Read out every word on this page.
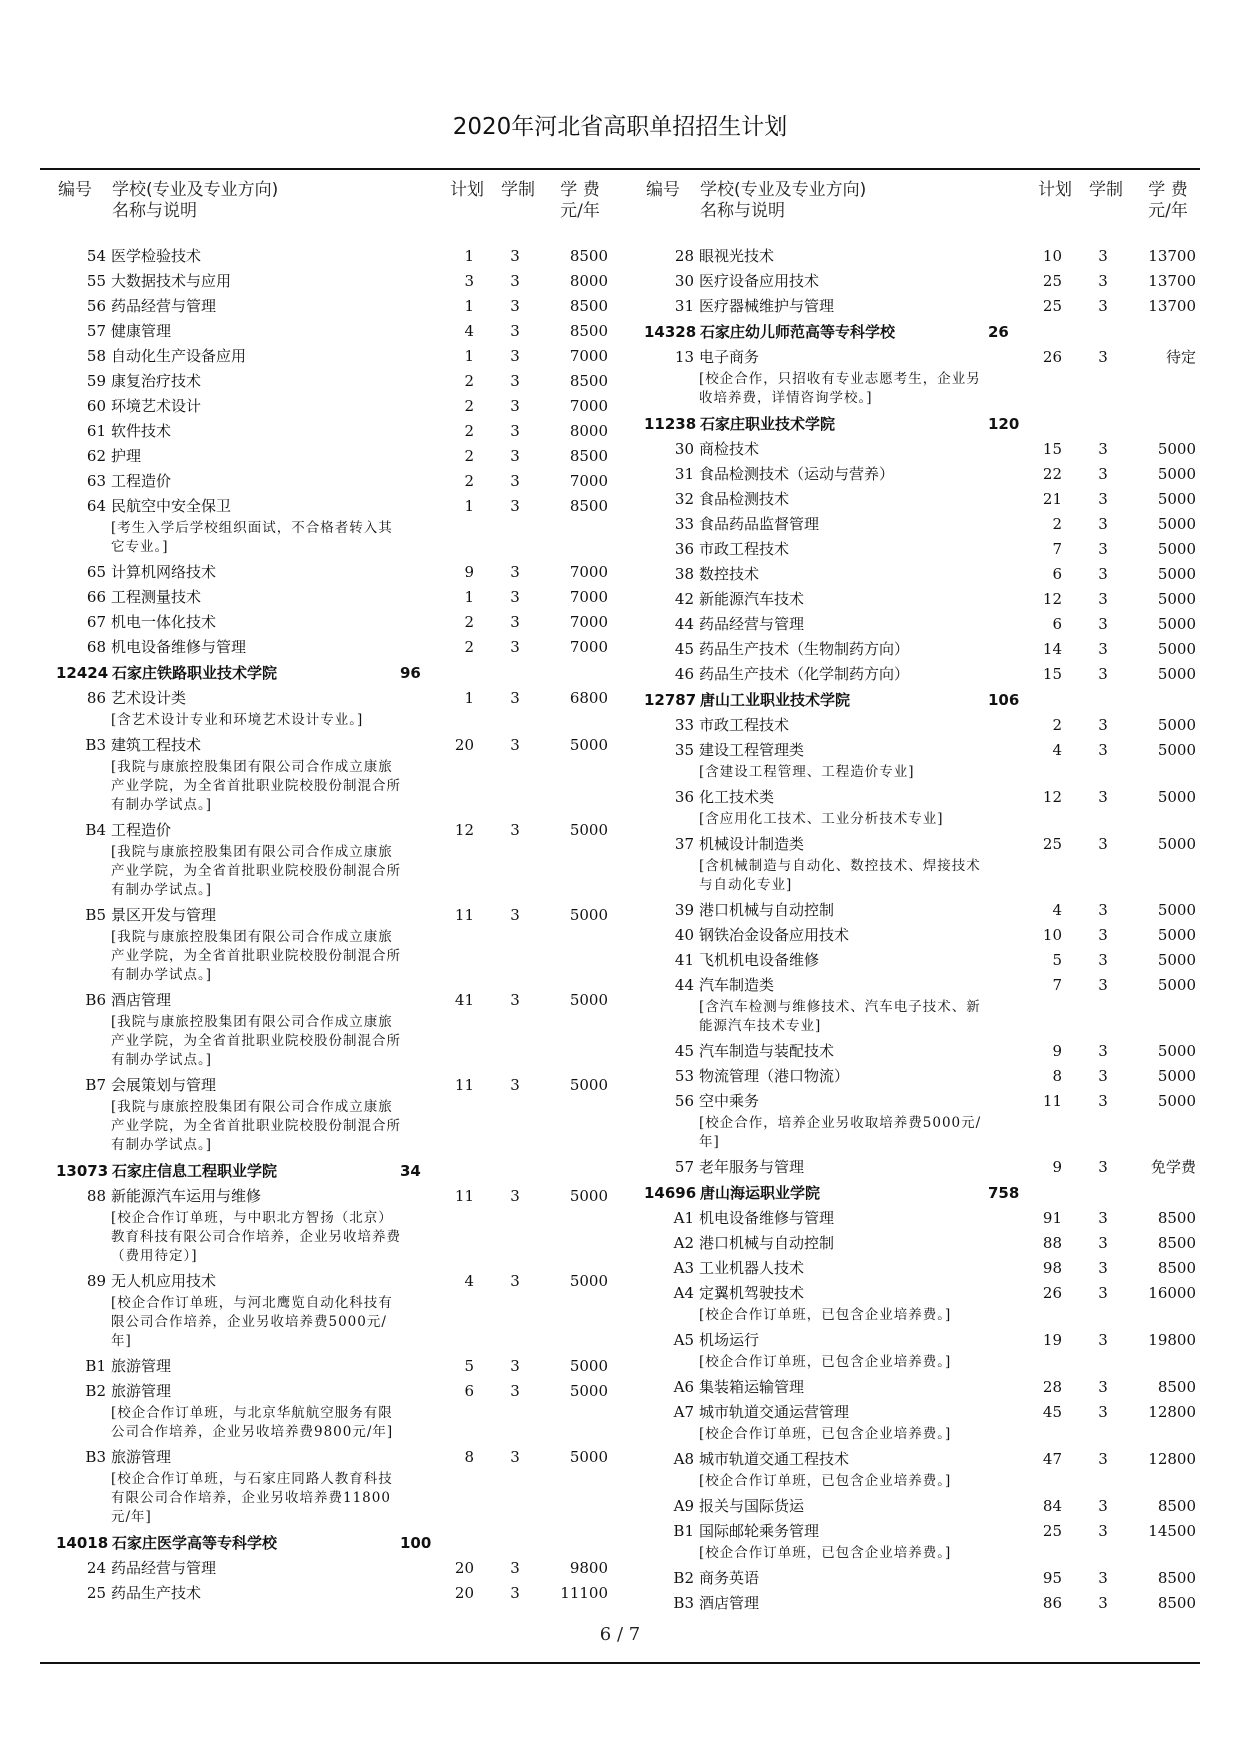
2020年河北省高职单招招生计划
编号 学校(专业及专业方向)
名称与说明
计划 学制	学 费
元/年
54 医学检验技术	1 3	8500
55 大数据技术与应用	3 3	8000
56 药品经营与管理	1 3	8500
57 健康管理	4 3	8500
58 自动化生产设备应用	1 3	7000
59 康复治疗技术	2 3	8500
60 环境艺术设计	2 3	7000
61 软件技术	2 3	8000
62 护理	2 3	8500
63 工程造价	2 3	7000
64 民航空中安全保卫	1 3	8500
[考生入学后学校组织面试，不合格者转入其它专业。]
65 计算机网络技术	9 3	7000
66 工程测量技术	1 3	7000
67 机电一体化技术	2 3	7000
68 机电设备维修与管理	2 3	7000
12424 石家庄铁路职业技术学院	96
86 艺术设计类	1 3	6800
[含艺术设计专业和环境艺术设计专业。]
B3 建筑工程技术	20 3	5000
[我院与康旅控股集团有限公司合作成立康旅产业学院，为全省首批职业院校股份制混合所有制办学试点。]
B4 工程造价	12 3	5000
[我院与康旅控股集团有限公司合作成立康旅产业学院，为全省首批职业院校股份制混合所有制办学试点。]
B5 景区开发与管理	11 3	5000
[我院与康旅控股集团有限公司合作成立康旅产业学院，为全省首批职业院校股份制混合所有制办学试点。]
B6 酒店管理	41 3	5000
[我院与康旅控股集团有限公司合作成立康旅产业学院，为全省首批职业院校股份制混合所有制办学试点。]
B7 会展策划与管理	11 3	5000
[我院与康旅控股集团有限公司合作成立康旅产业学院，为全省首批职业院校股份制混合所有制办学试点。]
13073 石家庄信息工程职业学院	34
88 新能源汽车运用与维修	11 3	5000
[校企合作订单班，与中职北方智扬（北京）教育科技有限公司合作培养，企业另收培养费（费用待定）]
89 无人机应用技术	4 3	5000
[校企合作订单班，与河北鹰览自动化科技有限公司合作培养，企业另收培养费5000元/年]
B1 旅游管理	5 3	5000
B2 旅游管理	6 3	5000
[校企合作订单班，与北京华航航空服务有限公司合作培养，企业另收培养费9800元/年]
B3 旅游管理	8 3	5000
[校企合作订单班，与石家庄同路人教育科技有限公司合作培养，企业另收培养费11800元/年]
14018 石家庄医学高等专科学校	100
24 药品经营与管理	20 3	9800
25 药品生产技术	20 3	11100
编号 学校(专业及专业方向)
名称与说明
计划 学制	学 费
元/年
28 眼视光技术	10 3	13700
30 医疗设备应用技术	25 3	13700
31 医疗器械维护与管理	25 3	13700
14328 石家庄幼儿师范高等专科学校	26
13 电子商务	26 3	待定
[校企合作，只招收有专业志愿考生，企业另收培养费，详情咨询学校。]
11238 石家庄职业技术学院	120
30 商检技术	15 3	5000
31 食品检测技术（运动与营养）	22 3	5000
32 食品检测技术	21 3	5000
33 食品药品监督管理	2 3	5000
36 市政工程技术	7 3	5000
38 数控技术	6 3	5000
42 新能源汽车技术	12 3	5000
44 药品经营与管理	6 3	5000
45 药品生产技术（生物制药方向）	14 3	5000
46 药品生产技术（化学制药方向）	15 3	5000
12787 唐山工业职业技术学院	106
33 市政工程技术	2 3	5000
35 建设工程管理类	4 3	5000
[含建设工程管理、工程造价专业]
36 化工技术类	12 3	5000
[含应用化工技术、工业分析技术专业]
37 机械设计制造类	25 3	5000
[含机械制造与自动化、数控技术、焊接技术与自动化专业]
39 港口机械与自动控制	4 3	5000
40 钢铁冶金设备应用技术	10 3	5000
41 飞机机电设备维修	5 3	5000
44 汽车制造类	7 3	5000
[含汽车检测与维修技术、汽车电子技术、新能源汽车技术专业]
45 汽车制造与装配技术	9 3	5000
53 物流管理（港口物流）	8 3	5000
56 空中乘务	11 3	5000
[校企合作，培养企业另收取培养费5000元/年]
57 老年服务与管理	9 3	免学费
14696 唐山海运职业学院	758
A1 机电设备维修与管理	91 3	8500
A2 港口机械与自动控制	88 3	8500
A3 工业机器人技术	98 3	8500
A4 定翼机驾驶技术	26 3	16000
[校企合作订单班，已包含企业培养费。]
A5 机场运行	19 3	19800
[校企合作订单班，已包含企业培养费。]
A6 集装箱运输管理	28 3	8500
A7 城市轨道交通运营管理	45 3	12800
[校企合作订单班，已包含企业培养费。]
A8 城市轨道交通工程技术	47 3	12800
[校企合作订单班，已包含企业培养费。]
A9 报关与国际货运	84 3	8500
B1 国际邮轮乘务管理	25 3	14500
[校企合作订单班，已包含企业培养费。]
B2 商务英语	95 3	8500
B3 酒店管理	86 3	8500
6 / 7
